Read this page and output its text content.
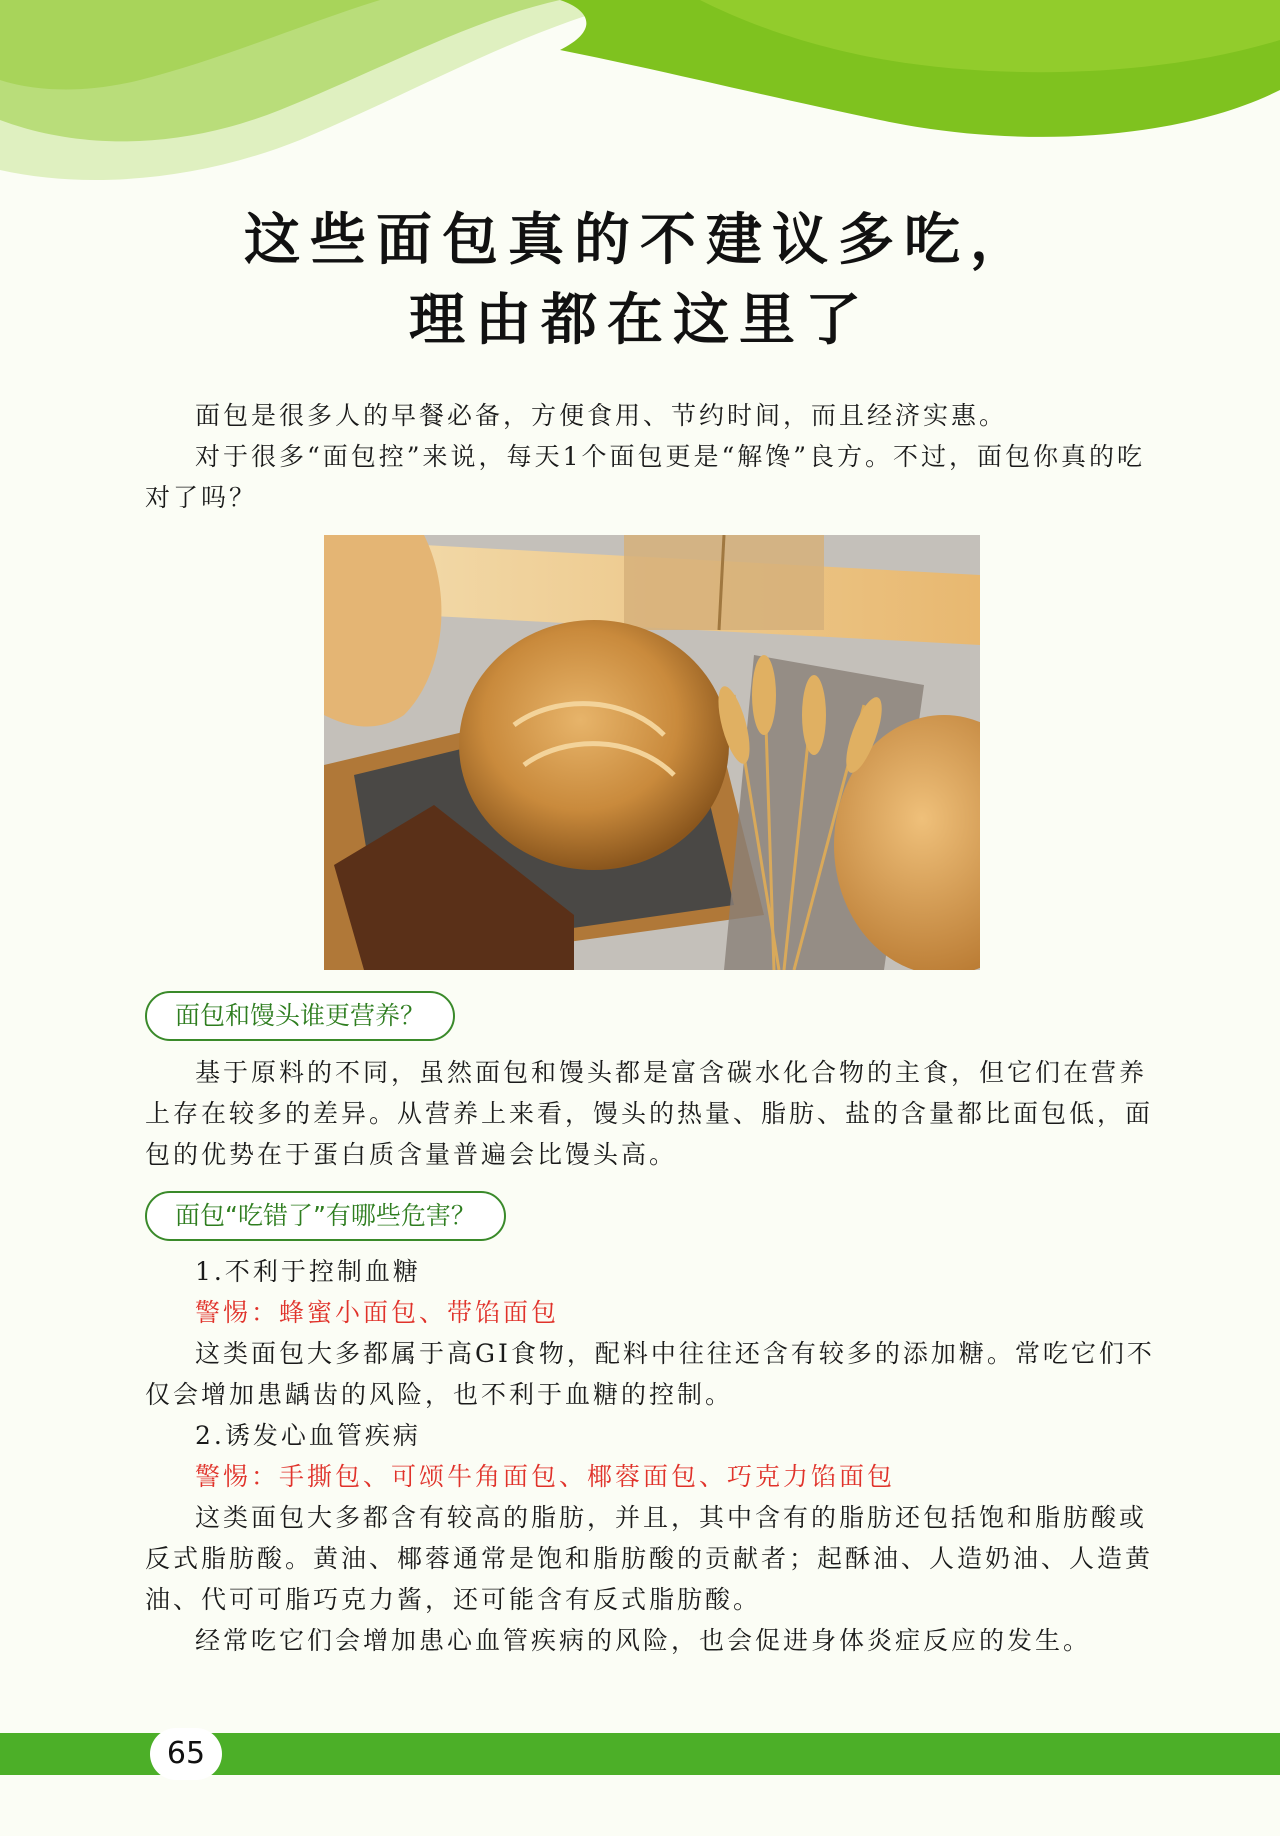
这些面包真的不建议多吃，
理由都在这里了

面包是很多人的早餐必备，方便食用、节约时间，而且经济实惠。

对于很多“面包控”来说，每天1个面包更是“解馋”良方。不过，面包你真的吃对了吗？

面包和馒头谁更营养？

基于原料的不同，虽然面包和馒头都是富含碳水化合物的主食，但它们在营养上存在较多的差异。从营养上来看，馒头的热量、脂肪、盐的含量都比面包低，面包的优势在于蛋白质含量普遍会比馒头高。

面包“吃错了”有哪些危害？

1.不利于控制血糖

警惕：蜂蜜小面包、带馅面包

这类面包大多都属于高GI食物，配料中往往还含有较多的添加糖。常吃它们不仅会增加患龋齿的风险，也不利于血糖的控制。

2.诱发心血管疾病

警惕：手撕包、可颂牛角面包、椰蓉面包、巧克力馅面包

这类面包大多都含有较高的脂肪，并且，其中含有的脂肪还包括饱和脂肪酸或反式脂肪酸。黄油、椰蓉通常是饱和脂肪酸的贡献者；起酥油、人造奶油、人造黄油、代可可脂巧克力酱，还可能含有反式脂肪酸。

经常吃它们会增加患心血管疾病的风险，也会促进身体炎症反应的发生。

65
